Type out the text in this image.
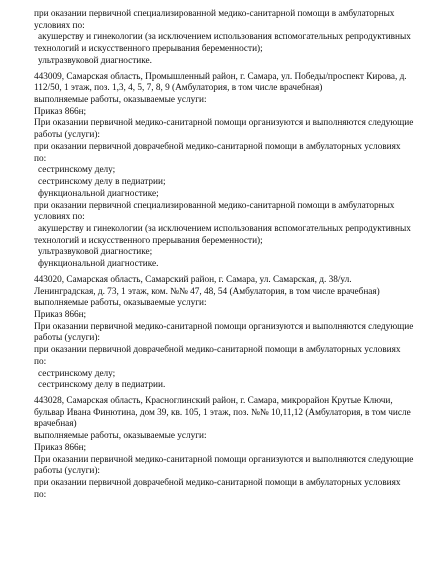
при оказании первичной специализированной медико-санитарной помощи в амбулаторных
условиях по:
акушерству и гинекологии (за исключением использования вспомогательных репродуктивных
технологий и искусственного прерывания беременности);
ультразвуковой диагностике.
443009, Самарская область, Промышленный район, г. Самара, ул. Победы/проспект Кирова, д.
112/50, 1 этаж, поз. 1,3, 4, 5, 7, 8, 9 (Амбулатория, в том числе врачебная)
выполняемые работы, оказываемые услуги:
Приказ 866н;
При оказании первичной медико-санитарной помощи организуются и выполняются следующие
работы (услуги):
при оказании первичной доврачебной медико-санитарной помощи в амбулаторных условиях
по:
сестринскому делу;
сестринскому делу в педиатрии;
функциональной диагностике;
при оказании первичной специализированной медико-санитарной помощи в амбулаторных
условиях по:
акушерству и гинекологии (за исключением использования вспомогательных репродуктивных
технологий и искусственного прерывания беременности);
ультразвуковой диагностике;
функциональной диагностике.
443020, Самарская область, Самарский район, г. Самара, ул. Самарская, д. 38/ул.
Ленинградская, д. 73, 1 этаж, ком. №№ 47, 48, 54 (Амбулатория, в том числе врачебная)
выполняемые работы, оказываемые услуги:
Приказ 866н;
При оказании первичной медико-санитарной помощи организуются и выполняются следующие
работы (услуги):
при оказании первичной доврачебной медико-санитарной помощи в амбулаторных условиях
по:
сестринскому делу;
сестринскому делу в педиатрии.
443028, Самарская область, Красноглинский район, г. Самара, микрорайон Крутые Ключи,
бульвар Ивана Финютина, дом 39, кв. 105, 1 этаж, поз. №№ 10,11,12 (Амбулатория, в том числе
врачебная)
выполняемые работы, оказываемые услуги:
Приказ 866н;
При оказании первичной медико-санитарной помощи организуются и выполняются следующие
работы (услуги):
при оказании первичной доврачебной медико-санитарной помощи в амбулаторных условиях
по:
